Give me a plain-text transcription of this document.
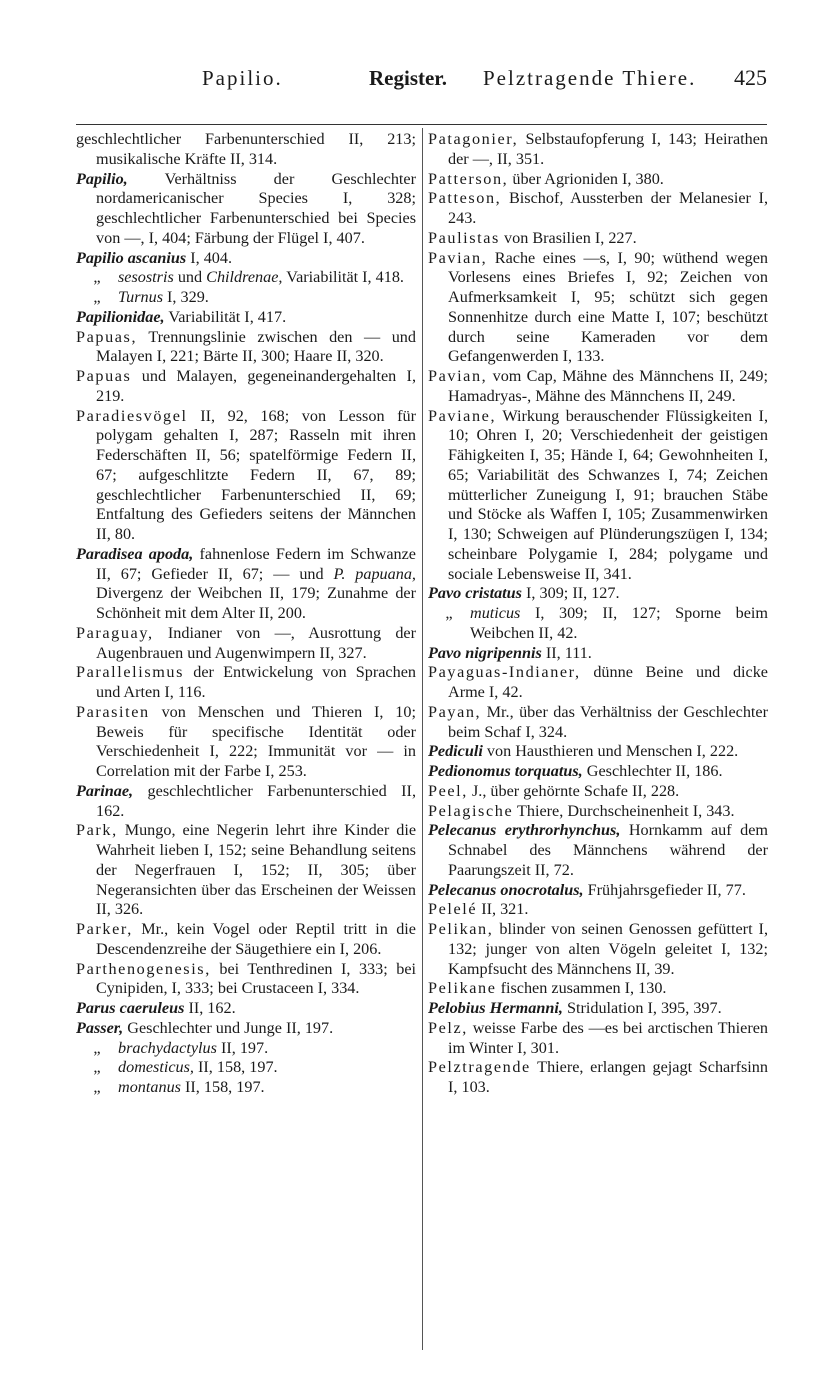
Papilio.	Register. Pelztragende Thiere. 425

geschlechtlicher Farbenunterschied II, 213; musikalische Kräfte II, 314.

Papilio, Verhältniss der Geschlechter nordamericanischer Species I, 328; geschlechtlicher Farbenunterschied bei Species von —, I, 404; Färbung der Flügel I, 407.

Papilio ascanius I, 404.

„ sesostris und Childrenae, Variabilität I, 418.

„ Turnus I, 329.

Papilionidae, Variabilität I, 417.

Papuas, Trennungslinie zwischen den — und Malayen I, 221; Bärte II, 300; Haare II, 320.

Papuas und Malayen, gegeneinandergehalten I, 219.

Paradiesvögel II, 92, 168; von Lesson für polygam gehalten I, 287; Rasseln mit ihren Federschäften II, 56; spatelförmige Federn II, 67; aufgeschlitzte Federn II, 67, 89; geschlechtlicher Farbenunterschied II, 69; Entfaltung des Gefieders seitens der Männchen II, 80.

Paradisea apoda, fahnenlose Federn im Schwanze II, 67; Gefieder II, 67; — und P. papuana, Divergenz der Weibchen II, 179; Zunahme der Schönheit mit dem Alter II, 200.

Paraguay, Indianer von —, Ausrottung der Augenbrauen und Augenwimpern II, 327.

Parallelismus der Entwickelung von Sprachen und Arten I, 116.

Parasiten von Menschen und Thieren I, 10; Beweis für specifische Identität oder Verschiedenheit I, 222; Immunität vor — in Correlation mit der Farbe I, 253.

Parinae, geschlechtlicher Farbenunterschied II, 162.

Park, Mungo, eine Negerin lehrt ihre Kinder die Wahrheit lieben I, 152; seine Behandlung seitens der Negerfrauen I, 152; II, 305; über Negeransichten über das Erscheinen der Weissen II, 326.

Parker, Mr., kein Vogel oder Reptil tritt in die Descendenzreihe der Säugethiere ein I, 206.

Parthenogenesis, bei Tenthredinen I, 333; bei Cynipiden, I, 333; bei Crustaceen I, 334.

Parus caeruleus II, 162.

Passer, Geschlechter und Junge II, 197.

„ brachydactylus II, 197.

„ domesticus, II, 158, 197.

„ montanus II, 158, 197.

Patagonier, Selbstaufopferung I, 143; Heirathen der —, II, 351.

Patterson, über Agrioniden I, 380.

Patteson, Bischof, Aussterben der Melanesier I, 243.

Paulistas von Brasilien I, 227.

Pavian, Rache eines —s, I, 90; wüthend wegen Vorlesens eines Briefes I, 92; Zeichen von Aufmerksamkeit I, 95; schützt sich gegen Sonnenhitze durch eine Matte I, 107; beschützt durch seine Kameraden vor dem Gefangenwerden I, 133.

Pavian, vom Cap, Mähne des Männchens II, 249; Hamadryas-, Mähne des Männchens II, 249.

Paviane, Wirkung berauschender Flüssigkeiten I, 10; Ohren I, 20; Verschiedenheit der geistigen Fähigkeiten I, 35; Hände I, 64; Gewohnheiten I, 65; Variabilität des Schwanzes I, 74; Zeichen mütterlicher Zuneigung I, 91; brauchen Stäbe und Stöcke als Waffen I, 105; Zusammenwirken I, 130; Schweigen auf Plünderungszügen I, 134; scheinbare Polygamie I, 284; polygame und sociale Lebensweise II, 341.

Pavo cristatus I, 309; II, 127.

„ muticus I, 309; II, 127; Sporne beim Weibchen II, 42.

Pavo nigripennis II, 111.

Payaguas-Indianer, dünne Beine und dicke Arme I, 42.

Payan, Mr., über das Verhältniss der Geschlechter beim Schaf I, 324.

Pediculi von Hausthieren und Menschen I, 222.

Pedionomus torquatus, Geschlechter II, 186.

Peel, J., über gehörnte Schafe II, 228.

Pelagische Thiere, Durchscheinenheit I, 343.

Pelecanus erythrorhynchus, Hornkamm auf dem Schnabel des Männchens während der Paarungszeit II, 72.

Pelecanus onocrotalus, Frühjahrsgefieder II, 77.

Pelelé II, 321.

Pelikan, blinder von seinen Genossen gefüttert I, 132; junger von alten Vögeln geleitet I, 132; Kampfsucht des Männchens II, 39.

Pelikane fischen zusammen I, 130.

Pelobius Hermanni, Stridulation I, 395, 397.

Pelz, weisse Farbe des —es bei arctischen Thieren im Winter I, 301.

Pelztragende Thiere, erlangen gejagt Scharfsinn I, 103.
